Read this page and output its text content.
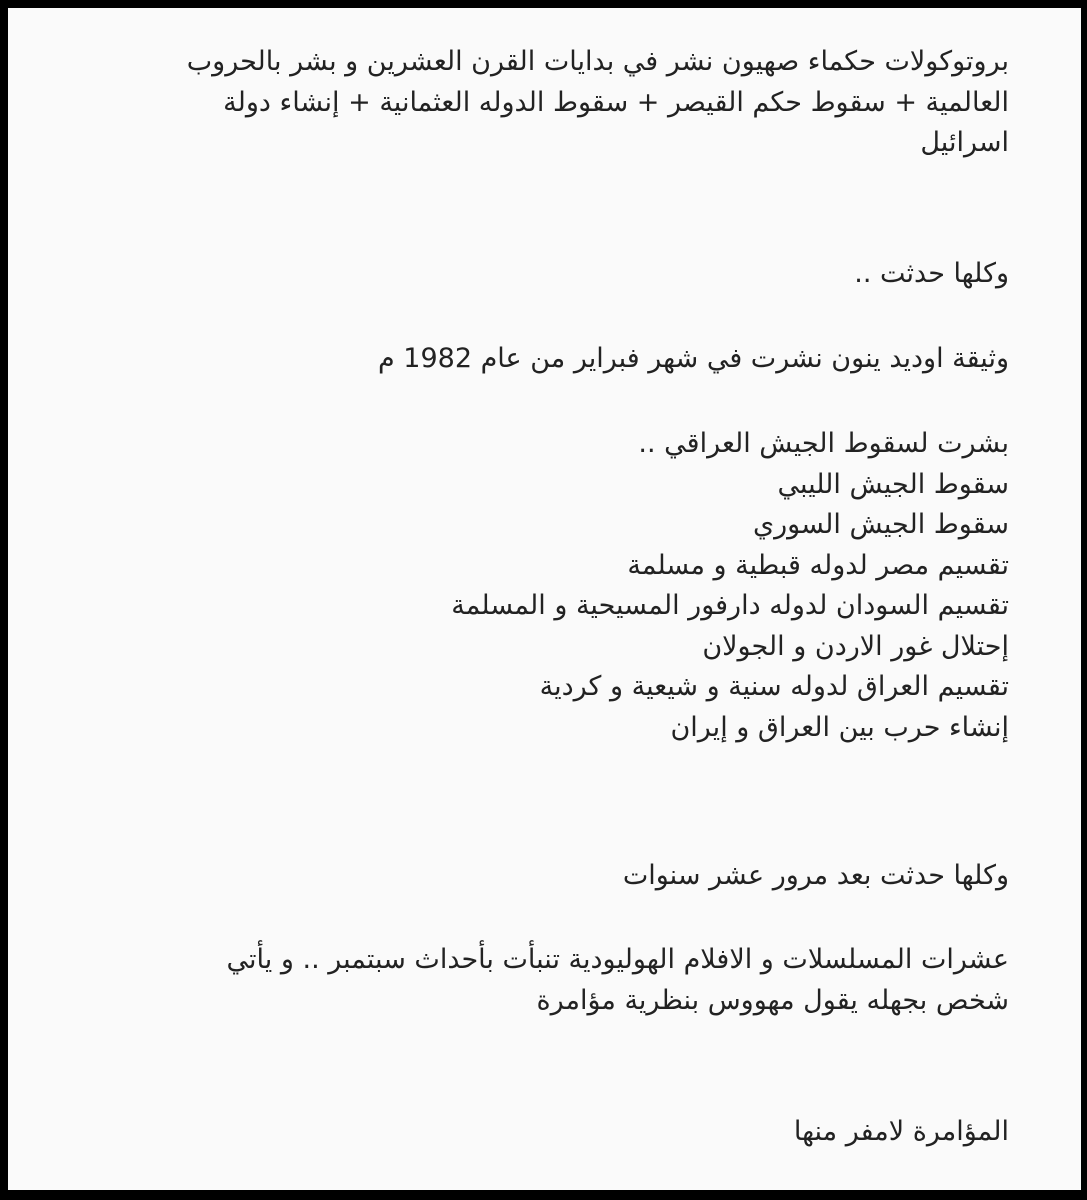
بروتوكولات حكماء صهيون نشر في بدايات القرن العشرين و بشر بالحروب
العالمية + سقوط حكم القيصر + سقوط الدوله العثمانية + إنشاء دولة
اسرائيل
وكلها حدثت ..
وثيقة اوديد ينون نشرت في شهر فبراير من عام 1982 م
بشرت لسقوط الجيش العراقي ..
سقوط الجيش الليبي
سقوط الجيش السوري
تقسيم مصر لدوله قبطية و مسلمة
تقسيم السودان لدوله دارفور المسيحية و المسلمة
إحتلال غور الاردن و الجولان
تقسيم العراق لدوله سنية و شيعية و كردية
إنشاء حرب بين العراق و إيران
وكلها حدثت بعد مرور عشر سنوات
عشرات المسلسلات و الافلام الهوليودية تنبأت بأحداث سبتمبر .. و يأتي
شخص بجهله يقول مهووس بنظرية مؤامرة
المؤامرة لامفر منها
